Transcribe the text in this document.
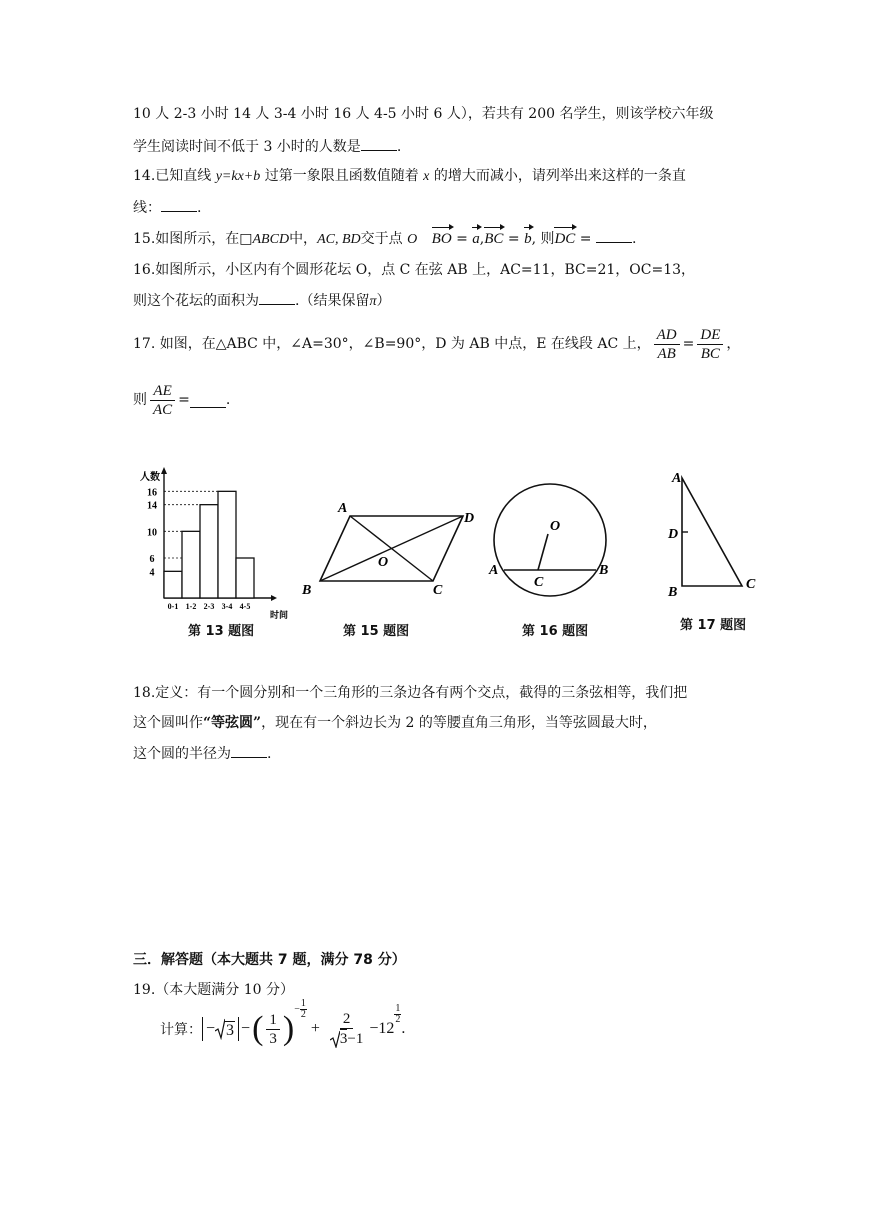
10 人 2-3 小时 14 人 3-4 小时 16 人 4-5 小时 6 人），若共有 200 名学生，则该学校六年级
学生阅读时间不低于 3 小时的人数是	.
14.已知直线 y=kx+b 过第一象限且函数值随着 x 的增大而减小，请列举出来这样的一条直
线：	.
15.如图所示，在□ABCD中，AC, BD交于点 O BO = a,BC = b, 则DC =	.
16.如图所示，小区内有个圆形花坛 O，点 C 在弦 AB 上，AC=11，BC=21，OC=13，
则这个花坛的面积为	.（结果保留π）
17. 如图，在△ABC 中，∠A=30°，∠B=90°，D 为 AB 中点，E 在线段 AC 上， $\frac{AD}{AB} = \frac{DE}{BC}$ ，
则 $\frac{AE}{AC}$ =	.
人数
时间
4
6
10
14
16
0-1 1-2 2-3 3-4 4-5
第 13 题图
A
D
B	C
O
第 15 题图
A	B
C
O
第 16 题图
A
D
B
C
第 17 题图
18.定义：有一个圆分别和一个三角形的三条边各有两个交点，截得的三条弦相等，我们把
这个圆叫作“等弦圆”，现在有一个斜边长为 2 的等腰直角三角形，当等弦圆最大时，
这个圆的半径为	.
三．解答题（本大题共 7 题，满分 78 分）
19.（本大题满分 10 分）
计算： − 3 − ( $\frac{1}{3}$ )
− $\frac{1}{2}$
+ $\frac{2}{3 -1} -12$
$\frac{1}{2}$
.
